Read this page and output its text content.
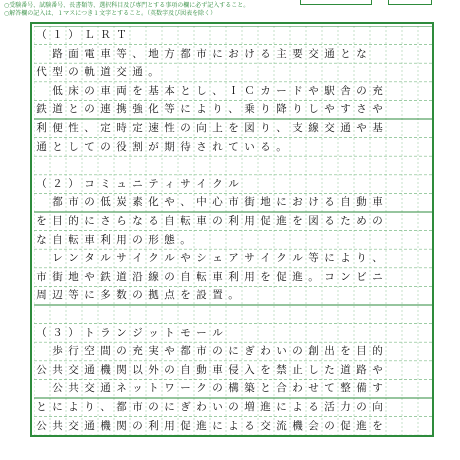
○受験番号、試験番号、長書類等、選択科目及び専門とする事項の欄に必ず記入すること。
○解答欄の記入は、１マスにつき１文字とすること。（英数字及び図表を除く）
（ １ ） Ｌ Ｒ Ｔ
路 面 電 車 等 、 地 方 都 市 に お け る 主 要 交 通 と な
代 型 の 軌 道 交 通 。
低 床 の 車 両 を 基 本 と し 、 Ｉ Ｃ カ ー ド や 駅 舎 の 充
鉄 道 と の 連 携 強 化 等 に よ り 、 乗 り 降 り し や す さ や
利 便 性 、 定 時 定 速 性 の 向 上 を 図 り 、 支 線 交 通 や 基
通 と し て の 役 割 が 期 待 さ れ て い る 。
（ ２ ） コ ミ ュ ニ テ ィ サ イ ク ル
都 市 の 低 炭 素 化 や 、 中 心 市 街 地 に お け る 自 動 車
を 目 的 に さ ら な る 自 転 車 の 利 用 促 進 を 図 る た め の
な 自 転 車 利 用 の 形 態 。
レ ン タ ル サ イ ク ル や シ ェ ア サ イ ク ル 等 に よ り 、
市 街 地 や 鉄 道 沿 線 の 自 転 車 利 用 を 促 進 。 コ ン ビ ニ
周 辺 等 に 多 数 の 拠 点 を 設 置 。
（ ３ ） ト ラ ン ジ ッ ト モ ー ル
歩 行 空 間 の 充 実 や 都 市 の に ぎ わ い の 創 出 を 目 的
公 共 交 通 機 関 以 外 の 自 動 車 侵 入 を 禁 止 し た 道 路 や
公 共 交 通 ネ ッ ト ワ ー ク の 構 築 と 合 わ せ て 整 備 す
と に よ り 、 都 市 の に ぎ わ い の 増 進 に よ る 活 力 の 向
公 共 交 通 機 関 の 利 用 促 進 に よ る 交 流 機 会 の 促 進 を
